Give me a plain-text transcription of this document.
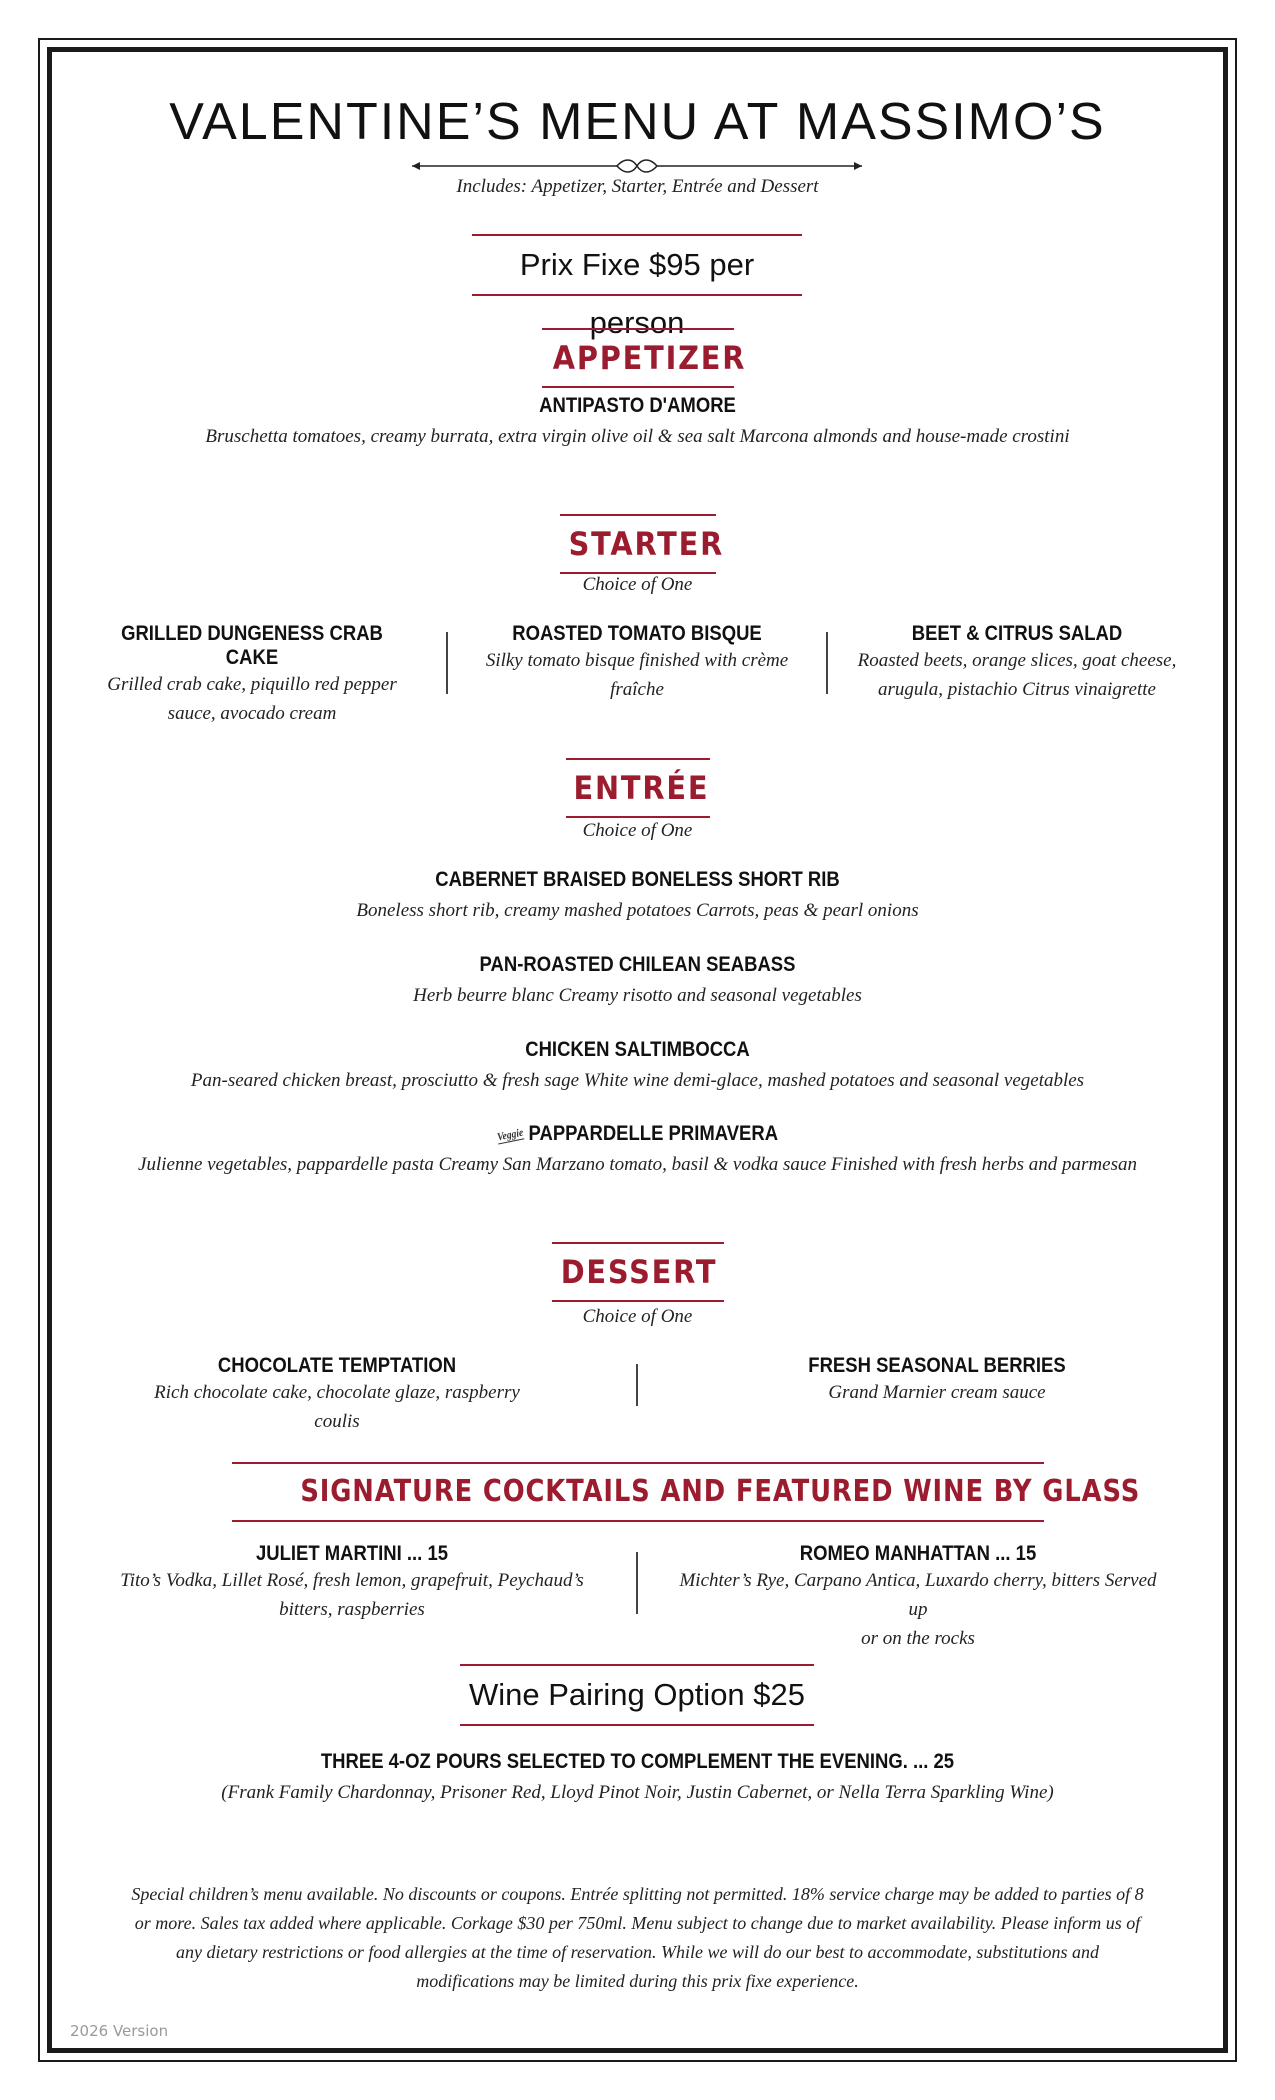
VALENTINE’S MENU AT MASSIMO’S
Includes: Appetizer, Starter, Entrée and Dessert
Prix Fixe $95 per person
APPETIZER
ANTIPASTO D'AMORE
Bruschetta tomatoes, creamy burrata, extra virgin olive oil & sea salt Marcona almonds and house-made crostini
STARTER
Choice of One
GRILLED DUNGENESS CRAB CAKE
Grilled crab cake, piquillo red pepper
sauce, avocado cream
ROASTED TOMATO BISQUE
Silky tomato bisque finished with crème
fraîche
BEET & CITRUS SALAD
Roasted beets, orange slices, goat cheese,
arugula, pistachio Citrus vinaigrette
ENTRÉE
Choice of One
CABERNET BRAISED BONELESS SHORT RIB
Boneless short rib, creamy mashed potatoes Carrots, peas & pearl onions
PAN-ROASTED CHILEAN SEABASS
Herb beurre blanc Creamy risotto and seasonal vegetables
CHICKEN SALTIMBOCCA
Pan-seared chicken breast, prosciutto & fresh sage White wine demi-glace, mashed potatoes and seasonal vegetables
Veggie PAPPARDELLE PRIMAVERA
Julienne vegetables, pappardelle pasta Creamy San Marzano tomato, basil & vodka sauce Finished with fresh herbs and parmesan
DESSERT
Choice of One
CHOCOLATE TEMPTATION
Rich chocolate cake, chocolate glaze, raspberry coulis
FRESH SEASONAL BERRIES
Grand Marnier cream sauce
SIGNATURE COCKTAILS AND FEATURED WINE BY GLASS
JULIET MARTINI ... 15
Tito’s Vodka, Lillet Rosé, fresh lemon, grapefruit, Peychaud’s
bitters, raspberries
ROMEO MANHATTAN ... 15
Michter’s Rye, Carpano Antica, Luxardo cherry, bitters Served up
or on the rocks
Wine Pairing Option $25
THREE 4-OZ POURS SELECTED TO COMPLEMENT THE EVENING. ... 25
(Frank Family Chardonnay, Prisoner Red, Lloyd Pinot Noir, Justin Cabernet, or Nella Terra Sparkling Wine)
Special children’s menu available. No discounts or coupons. Entrée splitting not permitted. 18% service charge may be added to parties of 8
or more. Sales tax added where applicable. Corkage $30 per 750ml. Menu subject to change due to market availability. Please inform us of
any dietary restrictions or food allergies at the time of reservation. While we will do our best to accommodate, substitutions and
modifications may be limited during this prix fixe experience.
2026 Version
